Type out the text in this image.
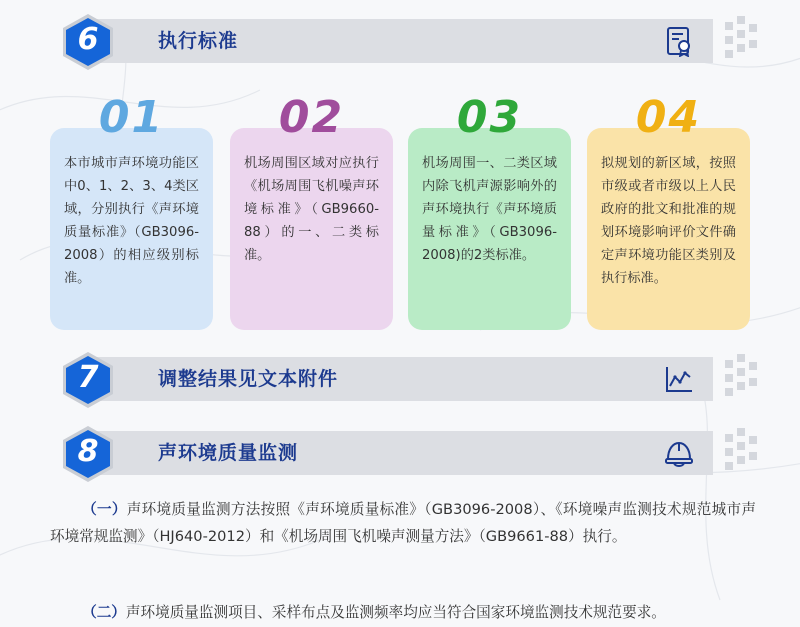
执行标准
6
01
本市城市声环境功能区中0、1、2、3、4类区域，分别执行《声环境质量标准》（GB3096-2008）的相应级别标准。
02
机场周围区域对应执行《机场周围飞机噪声环境标准》（GB9660-88）的一、二类标准。
03
机场周围一、二类区域内除飞机声源影响外的声环境执行《声环境质量标准》（GB3096-2008)的2类标准。
04
拟规划的新区域，按照市级或者市级以上人民政府的批文和批准的规划环境影响评价文件确定声环境功能区类别及执行标准。
调整结果见文本附件
7
声环境质量监测
8
（一）声环境质量监测方法按照《声环境质量标准》（GB3096-2008）、《环境噪声监测技术规范城市声环境常规监测》（HJ640-2012）和《机场周围飞机噪声测量方法》（GB9661-88）执行。
（二）声环境质量监测项目、采样布点及监测频率均应当符合国家环境监测技术规范要求。
